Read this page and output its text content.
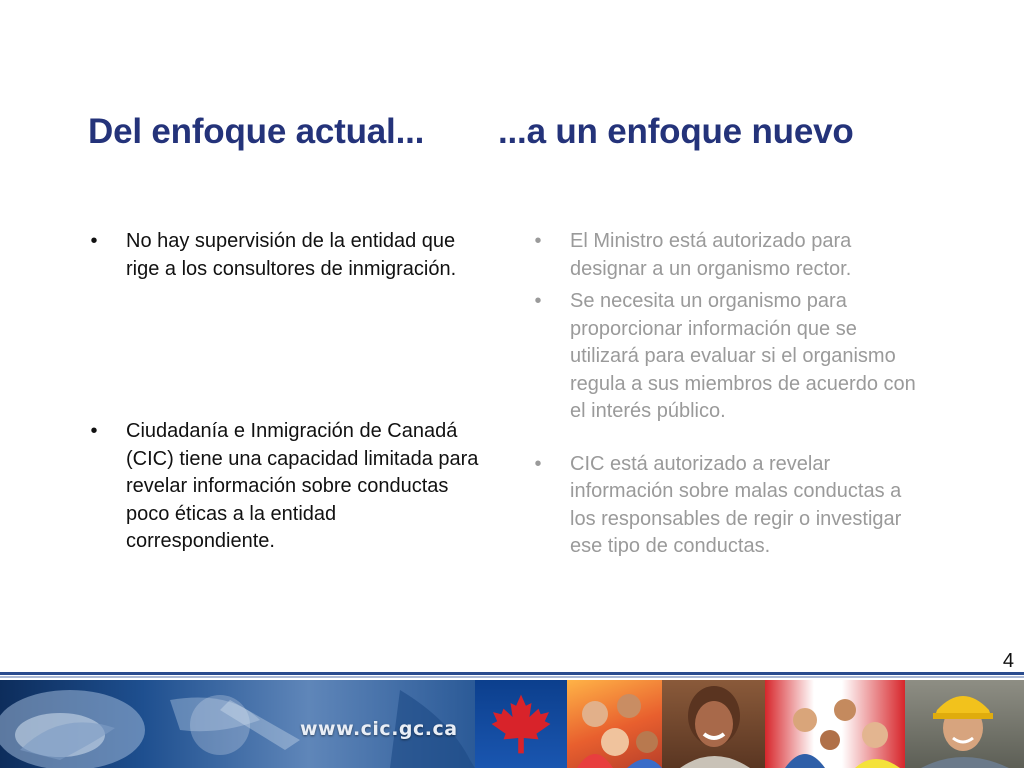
Del enfoque actual... ...a un enfoque nuevo
•	No hay supervisión de la entidad que rige a los consultores de inmigración.
•	Ciudadanía e Inmigración de Canadá (CIC) tiene una capacidad limitada para revelar información sobre conductas poco éticas a la entidad correspondiente.
•	El Ministro está autorizado para designar a un organismo rector.
•	Se necesita un organismo para proporcionar información que se utilizará para evaluar si el organismo regula a sus miembros de acuerdo con el interés público.
•	CIC está autorizado a revelar información sobre malas conductas a los responsables de regir o investigar ese tipo de conductas.
4
www.cic.gc.ca
